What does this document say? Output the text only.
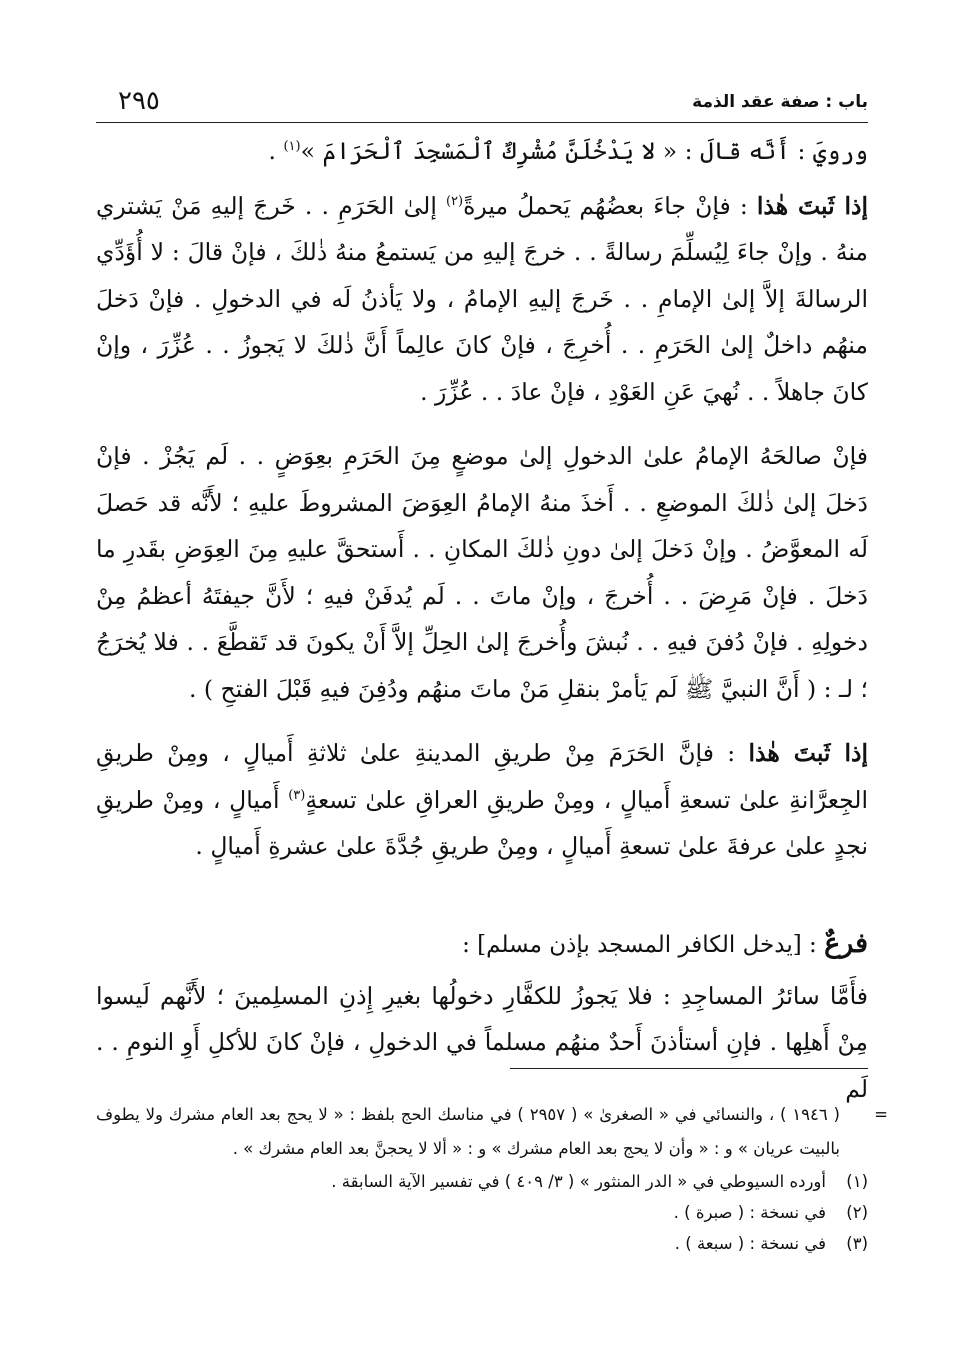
٢٩٥	باب : صفة عقد الذمة

ورويَ : أَنَّه قالَ : « لا يَدْخُلَنَّ مُشْرِكٌ ٱلْمَسْجِدَ ٱلْحَرَامَ »$^{(١)}$ .

إذا ثَبتَ هٰذا : فإنْ جاءَ بعضُهُم يَحملُ ميرةً$^{(٢)}$ إلىٰ الحَرَمِ . . خَرجَ إليهِ مَنْ يَشتري منهُ . وإنْ جاءَ لِيُسلِّمَ رسالةً . . خرجَ إليهِ من يَستمعُ منهُ ذٰلكَ ، فإنْ قالَ : لا أُؤَدِّي الرسالةَ إلاَّ إلىٰ الإمامِ . . خَرجَ إليهِ الإمامُ ، ولا يَأذنُ لَه في الدخولِ . فإنْ دَخلَ منهُم داخلٌ إلىٰ الحَرَمِ . . أُخرِجَ ، فإنْ كانَ عالِماً أَنَّ ذٰلكَ لا يَجوزُ . . عُزِّرَ ، وإنْ كانَ جاهلاً . . نُهيَ عَنِ العَوْدِ ، فإنْ عادَ . . عُزِّرَ .

فإنْ صالحَهُ الإمامُ علىٰ الدخولِ إلىٰ موضعٍ مِنَ الحَرَمِ بعِوَضٍ . . لَم يَجُزْ . فإنْ دَخلَ إلىٰ ذٰلكَ الموضعِ . . أَخذَ منهُ الإمامُ العِوَضَ المشروطَ عليهِ ؛ لأَنَّه قد حَصلَ لَه المعوَّضُ . وإنْ دَخلَ إلىٰ دونِ ذٰلكَ المكانِ . . أَستحقَّ عليهِ مِنَ العِوَضِ بقَدرِ ما دَخلَ . فإنْ مَرِضَ . . أُخرجَ ، وإنْ ماتَ . . لَم يُدفَنْ فيهِ ؛ لأَنَّ جيفتَهُ أعظمُ مِنْ دخولِهِ . فإنْ دُفنَ فيهِ . . نُبشَ وأُخرجَ إلىٰ الحِلِّ إلاَّ أَنْ يكونَ قد تَقطَّعَ . . فلا يُخرَجُ ؛ لـ : ( أَنَّ النبيَّ ﷺ لَم يَأمرْ بنقلِ مَنْ ماتَ منهُم ودُفِنَ فيهِ قَبْلَ الفتحِ ) .

إذا ثَبتَ هٰذا : فإنَّ الحَرَمَ مِنْ طريقِ المدينةِ علىٰ ثلاثةِ أَميالٍ ، ومِنْ طريقِ الجِعرَّانةِ علىٰ تسعةِ أَميالٍ ، ومِنْ طريقِ العراقِ علىٰ تسعةٍ$^{(٣)}$ أَميالٍ ، ومِنْ طريقِ نجدٍ علىٰ عرفةَ علىٰ تسعةِ أَميالٍ ، ومِنْ طريقِ جُدَّةَ علىٰ عشرةِ أَميالٍ .

فرعٌ : [يدخل الكافر المسجد بإذن مسلم] :

فأَمَّا سائرُ المساجِدِ : فلا يَجوزُ للكفَّارِ دخولُها بغيرِ إِذنِ المسلِمينَ ؛ لأَنَّهم لَيسوا مِنْ أَهلِها . فإنِ أستأذنَ أَحدٌ منهُم مسلماً في الدخولِ ، فإنْ كانَ للأكلِ أَوِ النومِ . . لَم

=
( ١٩٤٦ ) ، والنسائي في « الصغرىٰ » ( ٢٩٥٧ ) في مناسك الحج بلفظ : « لا يحج بعد العام مشرك ولا يطوف بالبيت عريان » و : « وأن لا يحج بعد العام مشرك » و : « ألا لا يحجنَّ بعد العام مشرك » .
(١)
أورده السيوطي في « الدر المنثور » ( ٣/ ٤٠٩ ) في تفسير الآية السابقة .
(٢)
في نسخة : ( صبرة ) .
(٣)
في نسخة : ( سبعة ) .
